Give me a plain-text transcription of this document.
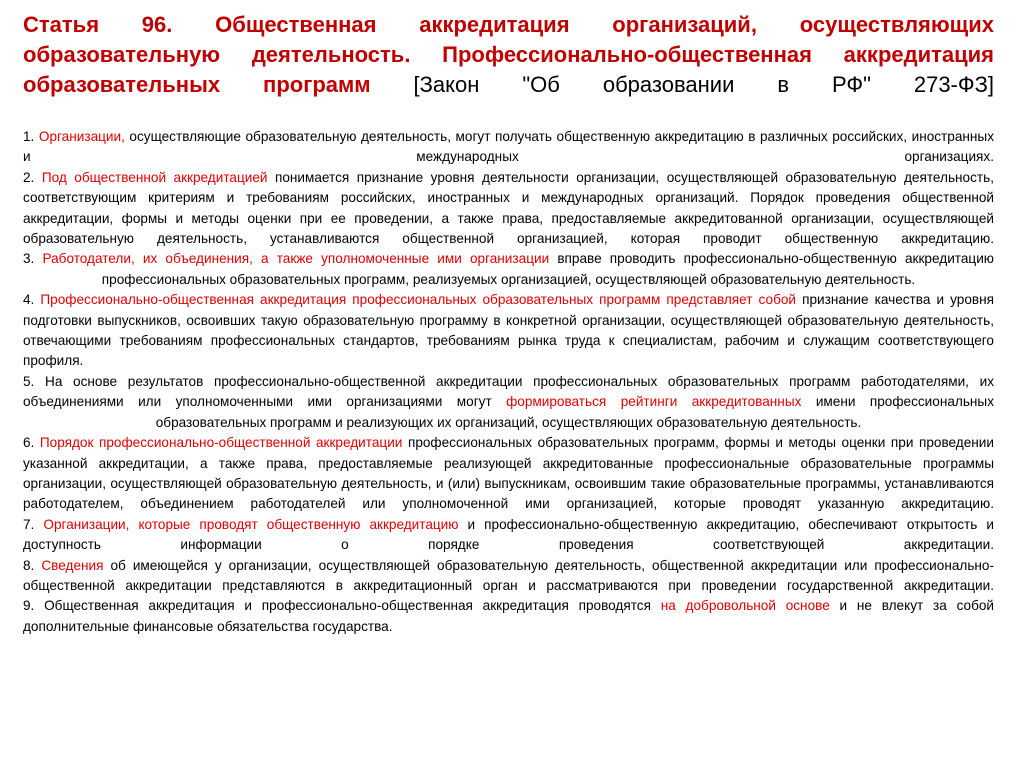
Статья 96. Общественная аккредитация организаций, осуществляющих образовательную деятельность. Профессионально-общественная аккредитация образовательных программ [Закон "Об образовании в РФ" 273-ФЗ]

1. Организации, осуществляющие образовательную деятельность, могут получать общественную аккредитацию в различных российских, иностранных и международных организациях.

2. Под общественной аккредитацией понимается признание уровня деятельности организации, осуществляющей образовательную деятельность, соответствующим критериям и требованиям российских, иностранных и международных организаций. Порядок проведения общественной аккредитации, формы и методы оценки при ее проведении, а также права, предоставляемые аккредитованной организации, осуществляющей образовательную деятельность, устанавливаются общественной организацией, которая проводит общественную аккредитацию.

3. Работодатели, их объединения, а также уполномоченные ими организации вправе проводить профессионально-общественную аккредитацию профессиональных образовательных программ, реализуемых организацией, осуществляющей образовательную деятельность.

4. Профессионально-общественная аккредитация профессиональных образовательных программ представляет собой признание качества и уровня подготовки выпускников, освоивших такую образовательную программу в конкретной организации, осуществляющей образовательную деятельность, отвечающими требованиям профессиональных стандартов, требованиям рынка труда к специалистам, рабочим и служащим соответствующего профиля.

5. На основе результатов профессионально-общественной аккредитации профессиональных образовательных программ работодателями, их объединениями или уполномоченными ими организациями могут формироваться рейтинги аккредитованных имени профессиональных образовательных программ и реализующих их организаций, осуществляющих образовательную деятельность.

6. Порядок профессионально-общественной аккредитации профессиональных образовательных программ, формы и методы оценки при проведении указанной аккредитации, а также права, предоставляемые реализующей аккредитованные профессиональные образовательные программы организации, осуществляющей образовательную деятельность, и (или) выпускникам, освоившим такие образовательные программы, устанавливаются работодателем, объединением работодателей или уполномоченной ими организацией, которые проводят указанную аккредитацию.

7. Организации, которые проводят общественную аккредитацию и профессионально-общественную аккредитацию, обеспечивают открытость и доступность информации о порядке проведения соответствующей аккредитации.

8. Сведения об имеющейся у организации, осуществляющей образовательную деятельность, общественной аккредитации или профессионально-общественной аккредитации представляются в аккредитационный орган и рассматриваются при проведении государственной аккредитации.

9. Общественная аккредитация и профессионально-общественная аккредитация проводятся на добровольной основе и не влекут за собой дополнительные финансовые обязательства государства.
